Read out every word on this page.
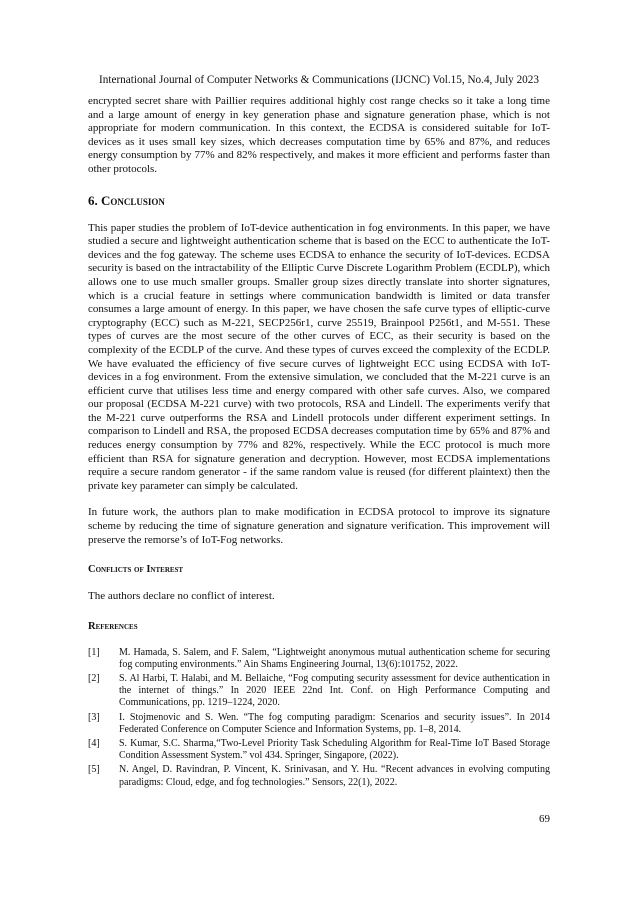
International Journal of Computer Networks & Communications (IJCNC) Vol.15, No.4, July 2023

encrypted secret share with Paillier requires additional highly cost range checks so it take a long time and a large amount of energy in key generation phase and signature generation phase, which is not appropriate for modern communication. In this context, the ECDSA is considered suitable for IoT-devices as it uses small key sizes, which decreases computation time by 65% and 87%, and reduces energy consumption by 77% and 82% respectively, and makes it more efficient and performs faster than other protocols.

6. Conclusion

This paper studies the problem of IoT-device authentication in fog environments. In this paper, we have studied a secure and lightweight authentication scheme that is based on the ECC to authenticate the IoT-devices and the fog gateway. The scheme uses ECDSA to enhance the security of IoT-devices. ECDSA security is based on the intractability of the Elliptic Curve Discrete Logarithm Problem (ECDLP), which allows one to use much smaller groups. Smaller group sizes directly translate into shorter signatures, which is a crucial feature in settings where communication bandwidth is limited or data transfer consumes a large amount of energy. In this paper, we have chosen the safe curve types of elliptic-curve cryptography (ECC) such as M-221, SECP256r1, curve 25519, Brainpool P256t1, and M-551. These types of curves are the most secure of the other curves of ECC, as their security is based on the complexity of the ECDLP of the curve. And these types of curves exceed the complexity of the ECDLP. We have evaluated the efficiency of five secure curves of lightweight ECC using ECDSA with IoT-devices in a fog environment. From the extensive simulation, we concluded that the M-221 curve is an efficient curve that utilises less time and energy compared with other safe curves. Also, we compared our proposal (ECDSA M-221 curve) with two protocols, RSA and Lindell. The experiments verify that the M-221 curve outperforms the RSA and Lindell protocols under different experiment settings. In comparison to Lindell and RSA, the proposed ECDSA decreases computation time by 65% and 87% and reduces energy consumption by 77% and 82%, respectively. While the ECC protocol is much more efficient than RSA for signature generation and decryption. However, most ECDSA implementations require a secure random generator - if the same random value is reused (for different plaintext) then the private key parameter can simply be calculated.

In future work, the authors plan to make modification in ECDSA protocol to improve its signature scheme by reducing the time of signature generation and signature verification. This improvement will preserve the remorse’s of IoT-Fog networks.

Conflicts of Interest

The authors declare no conflict of interest.

References
[1]	M. Hamada, S. Salem, and F. Salem, “Lightweight anonymous mutual authentication scheme for securing fog computing environments.” Ain Shams Engineering Journal, 13(6):101752, 2022.
[2]	S. Al Harbi, T. Halabi, and M. Bellaiche, “Fog computing security assessment for device authentication in the internet of things.” In 2020 IEEE 22nd Int. Conf. on High Performance Computing and Communications, pp. 1219–1224, 2020.
[3]	I. Stojmenovic and S. Wen. “The fog computing paradigm: Scenarios and security issues”. In 2014 Federated Conference on Computer Science and Information Systems, pp. 1–8, 2014.
[4]	S. Kumar, S.C. Sharma,“Two-Level Priority Task Scheduling Algorithm for Real-Time IoT Based Storage Condition Assessment System.” vol 434. Springer, Singapore, (2022).
[5]	N. Angel, D. Ravindran, P. Vincent, K. Srinivasan, and Y. Hu. “Recent advances in evolving computing paradigms: Cloud, edge, and fog technologies.” Sensors, 22(1), 2022.
69
